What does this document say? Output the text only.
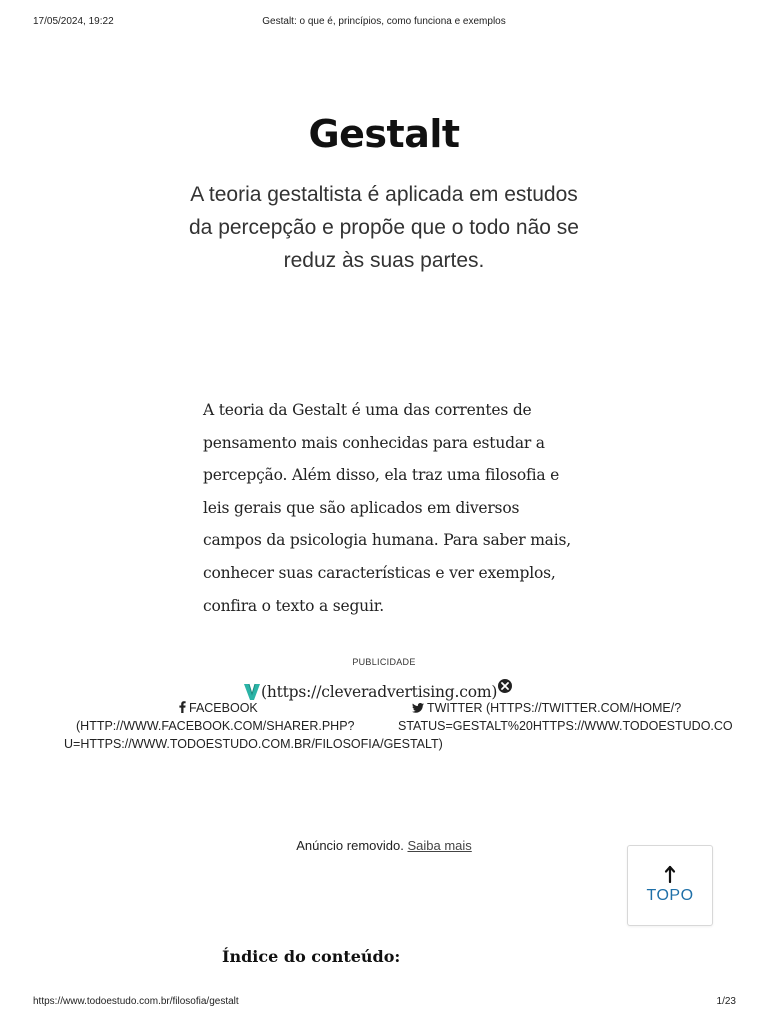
17/05/2024, 19:22	Gestalt: o que é, princípios, como funciona e exemplos
Gestalt

A teoria gestaltista é aplicada em estudos da percepção e propõe que o todo não se reduz às suas partes.

A teoria da Gestalt é uma das correntes de pensamento mais conhecidas para estudar a percepção. Além disso, ela traz uma filosofia e leis gerais que são aplicados em diversos campos da psicologia humana. Para saber mais, conhecer suas características e ver exemplos, confira o texto a seguir.

PUBLICIDADE
(https://cleveradvertising.com)
FACEBOOK
(HTTP://WWW.FACEBOOK.COM/SHARER.PHP?
U=HTTPS://WWW.TODOESTUDO.COM.BR/FILOSOFIA/GESTALT)
TWITTER (HTTPS://TWITTER.COM/HOME/?
STATUS=GESTALT%20HTTPS://WWW.TODOESTUDO.CO
Anúncio removido. Saiba mais
TOPO
Índice do conteúdo:
https://www.todoestudo.com.br/filosofia/gestalt	1/23
